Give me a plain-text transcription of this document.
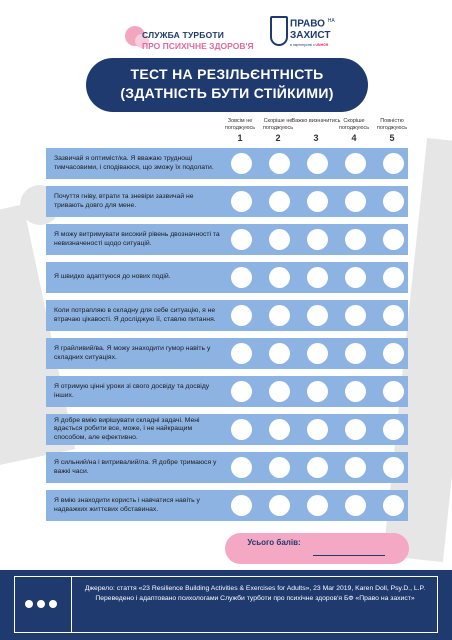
СЛУЖБА ТУРБОТИ
ПРО ПСИХІЧНЕ ЗДОРОВ'Я
ПРАВО $^{НА}$
ЗАХИСТ
в партнерстві з UNHCR
ТЕСТ НА РЕЗІЛЬЄНТНІСТЬ
(ЗДАТНІСТЬ БУТИ СТІЙКИМИ)
Зовсім не погоджуюсь
1
Скоріше не погоджуюсь
2
Важко визначитись
3
Скоріше погоджуюсь
4
Повністю погоджуюсь
5
Зазвичай я оптиміст/ка. Я вважаю труднощі тимчасовими, і сподіваюся, що зможу їх подолати.
Почуття гніву, втрати та зневіри зазвичай не тривають довго для мене.
Я можу витримувати високий рівень двозначності та невизначеності щодо ситуацій.
Я швидко адаптуюся до нових подій.
Коли потрапляю в складну для себе ситуацію, я не втрачаю цікавості. Я досліджую її, ставлю питання.
Я грайливий/ва. Я можу знаходити гумор навіть у складних ситуаціях.
Я отримую цінні уроки зі свого досвіду та досвіду інших.
Я добре вмію вирішувати складні задачі. Мені вдається робити все, може, і не найкращим способом, але ефективно.
Я сильний/на і витривалий/ла. Я добре тримаюся у важкі часи.
Я вмію знаходити користь і навчатися навіть у надважких життєвих обставинах.
Усього балів:
Джерело: стаття «23 Resilience Building Activities & Exercises for Adults», 23 Mar 2019, Karen Doll, Psy.D., L.P.
Переведено і адаптовано психологами Служби турботи про психічне здоров'я БФ «Право на захист»
